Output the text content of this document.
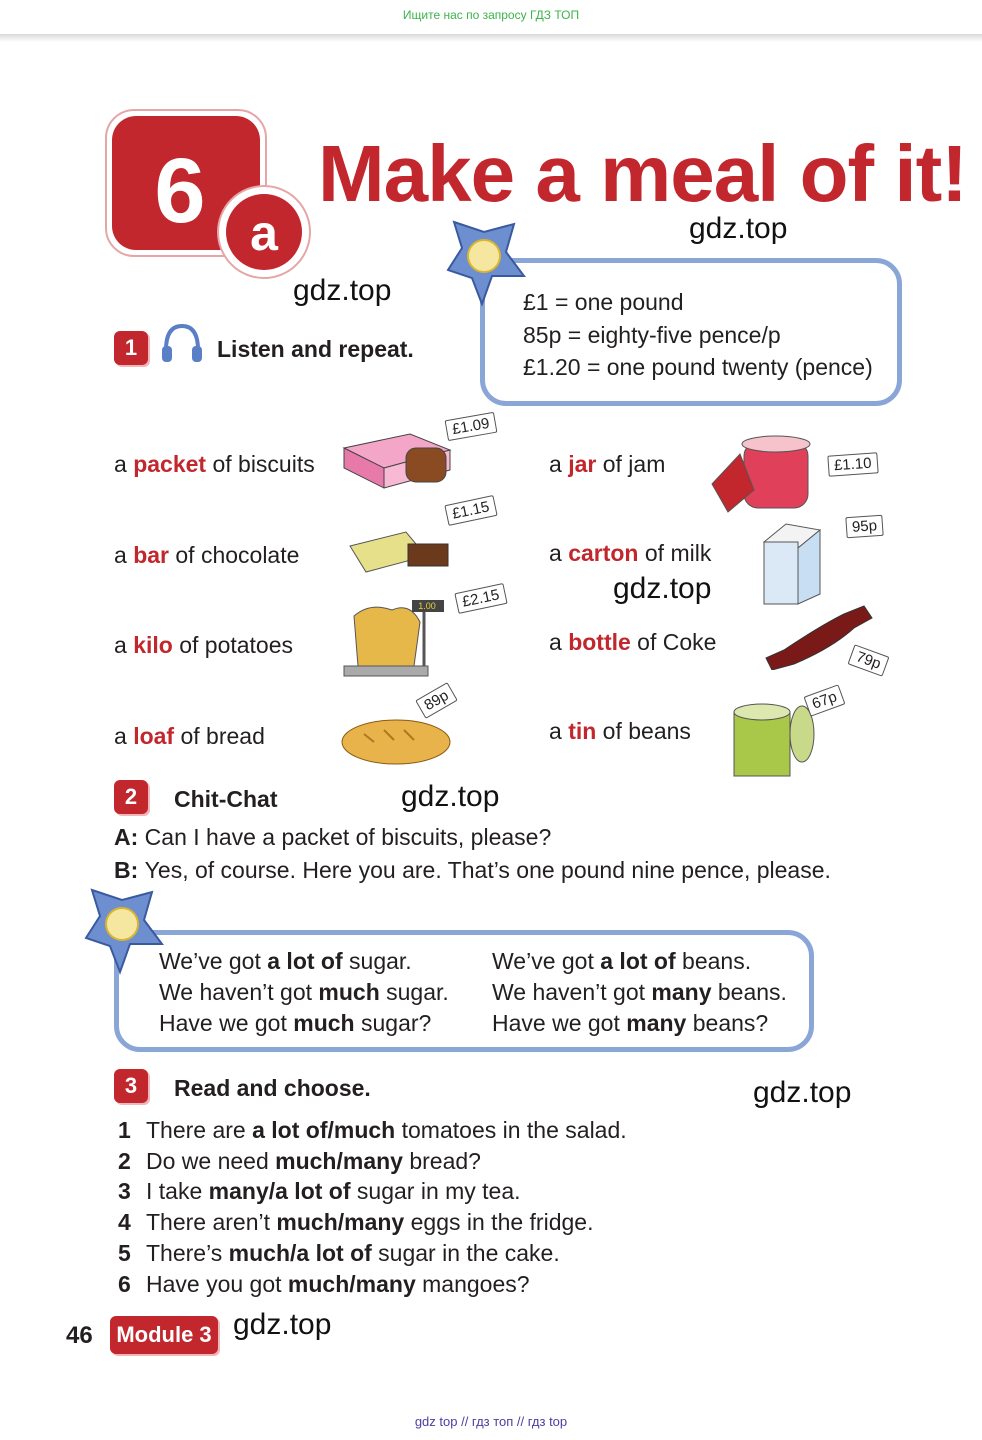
Ищите нас по запросу ГДЗ ТОП
6 a
Make a meal of it!
gdz.top
gdz.top
gdz.top
gdz.top
gdz.top
gdz.top
£1 = one pound
85p = eighty-five pence/p
£1.20 = one pound twenty (pence)
1	Listen and repeat.
a packet of biscuits
a bar of chocolate
a kilo of potatoes
a loaf of bread
a jar of jam
a carton of milk
a bottle of Coke
a tin of beans
£1.09
£1.15
£2.15
89p
£1.10
95p
79p
67p
1.00
2	Chit-Chat
A: Can I have a packet of biscuits, please?
B: Yes, of course. Here you are. That’s one pound nine pence, please.
We’ve got a lot of sugar.
We haven’t got much sugar.
Have we got much sugar?
We’ve got a lot of beans.
We haven’t got many beans.
Have we got many beans?
3	Read and choose.
1 There are a lot of/much tomatoes in the salad.
2 Do we need much/many bread?
3 I take many/a lot of sugar in my tea.
4 There aren’t much/many eggs in the fridge.
5 There’s much/a lot of sugar in the cake.
6 Have you got much/many mangoes?
46 Module 3
gdz top // гдз топ // гдз top
